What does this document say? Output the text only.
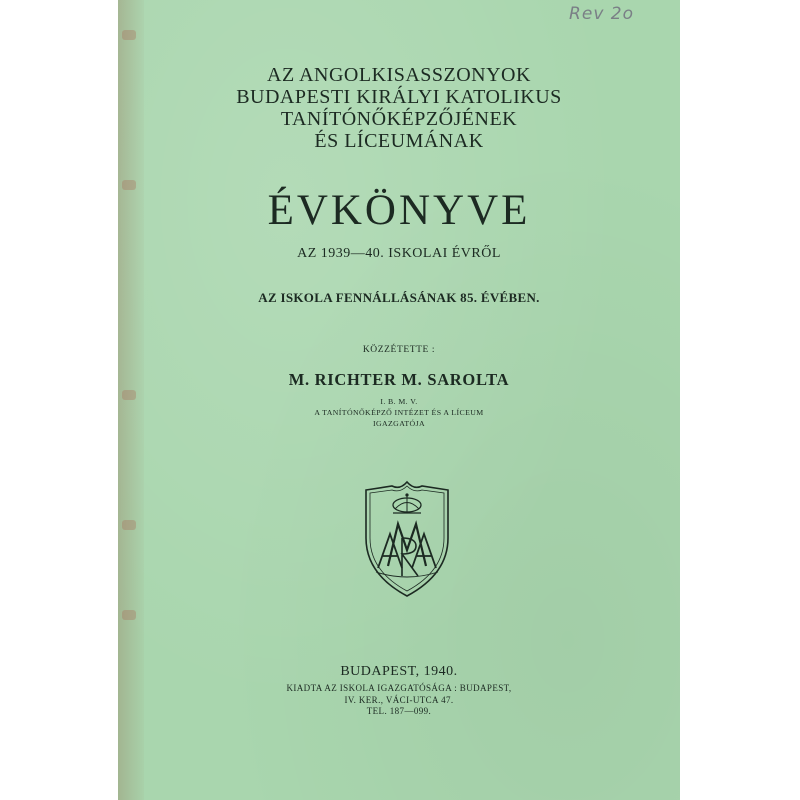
Rev 2o
AZ ANGOLKISASSZONYOK
BUDAPESTI KIRÁLYI KATOLIKUS
TANÍTÓNŐKÉPZŐJÉNEK
ÉS LÍCEUMÁNAK
ÉVKÖNYVE
AZ 1939—40. ISKOLAI ÉVRŐL
AZ ISKOLA FENNÁLLÁSÁNAK 85. ÉVÉBEN.
KÖZZÉTETTE :
M. RICHTER M. SAROLTA
I. B. M. V.
A TANÍTÓNŐKÉPZŐ INTÉZET ÉS A LÍCEUM
IGAZGATÓJA
BUDAPEST, 1940.
KIADTA AZ ISKOLA IGAZGATÓSÁGA : BUDAPEST,
IV. KER., VÁCI-UTCA 47.
TEL. 187—099.
